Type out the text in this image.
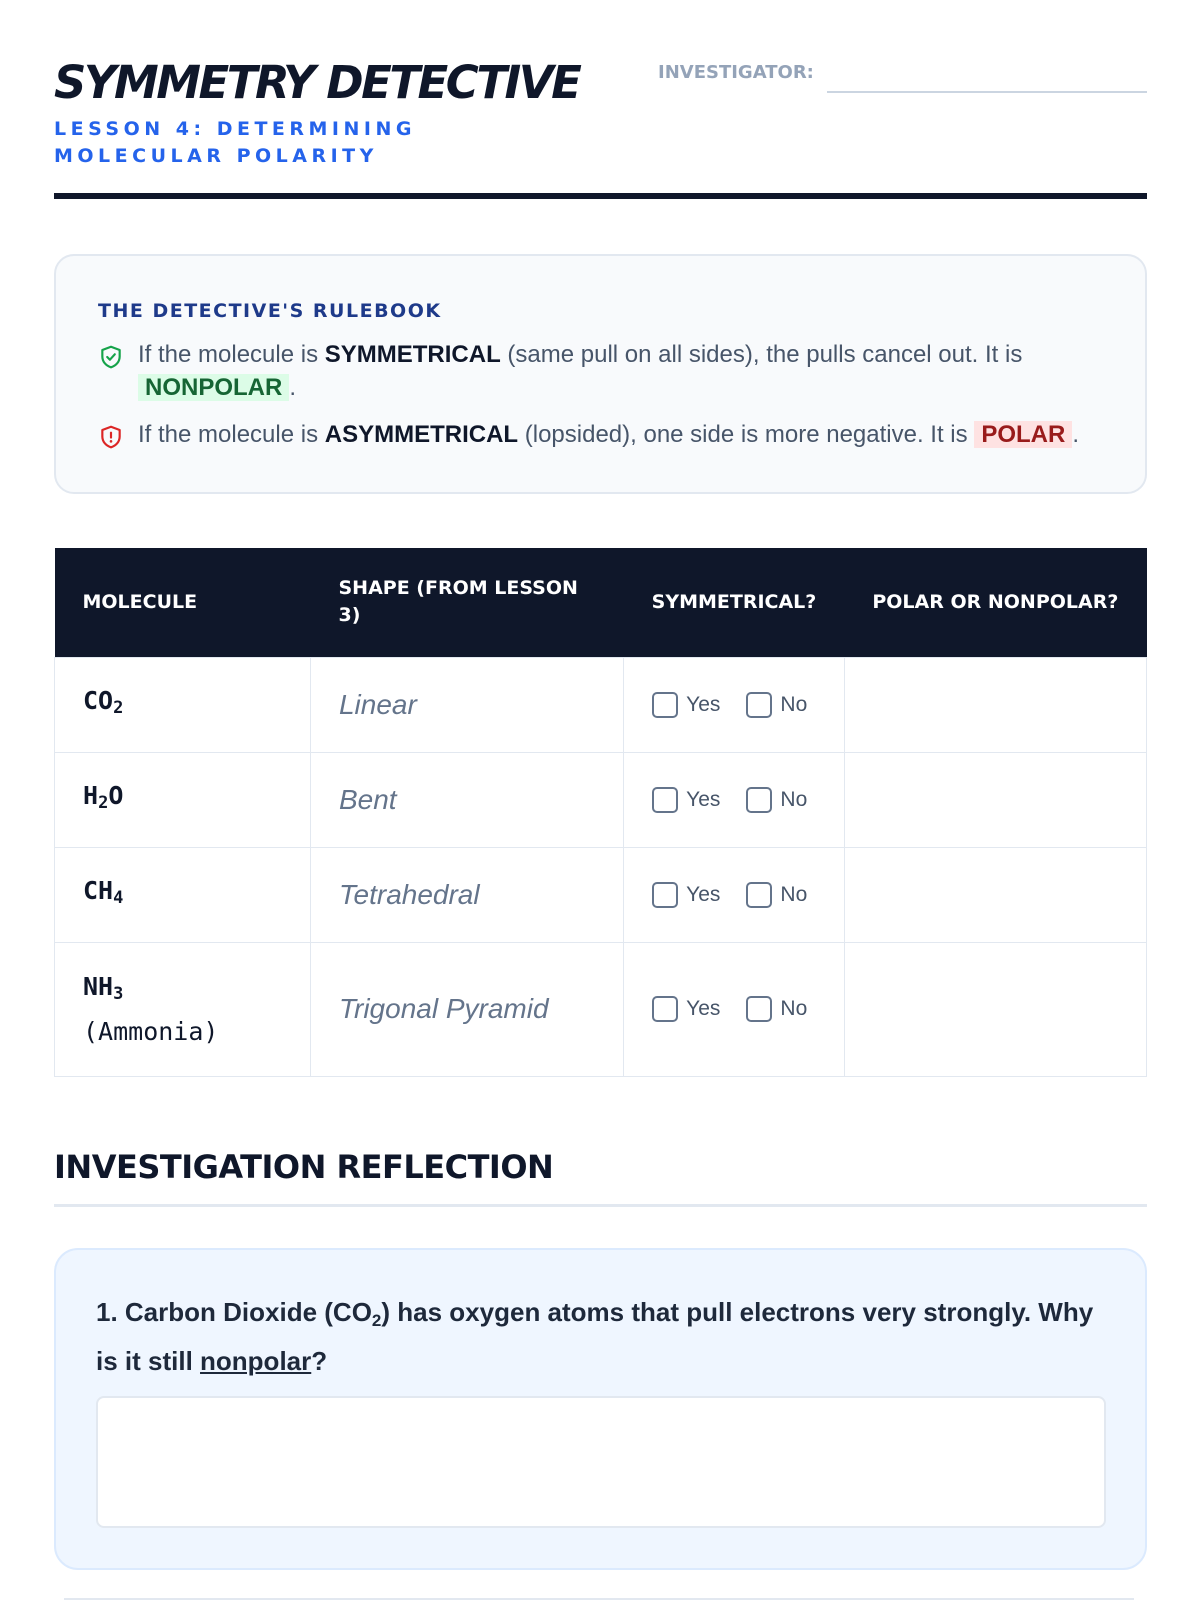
SYMMETRY DETECTIVE
LESSON 4: DETERMINING MOLECULAR POLARITY
INVESTIGATOR:
THE DETECTIVE'S RULEBOOK
If the molecule is SYMMETRICAL (same pull on all sides), the pulls cancel out. It is NONPOLAR .
If the molecule is ASYMMETRICAL (lopsided), one side is more negative. It is POLAR .
MOLECULE	SHAPE (FROM LESSON 3)	SYMMETRICAL?	POLAR OR NONPOLAR?
$CO_2$	Linear	Yes No	

$H_2O$	Bent	Yes No	

$CH_4$	Tetrahedral	Yes No	

$NH_3$
(Ammonia)	Trigonal Pyramid	Yes No	

INVESTIGATION REFLECTION
1. Carbon Dioxide $(CO_2)$ has oxygen atoms that pull electrons very strongly. Why is it still nonpolar?
